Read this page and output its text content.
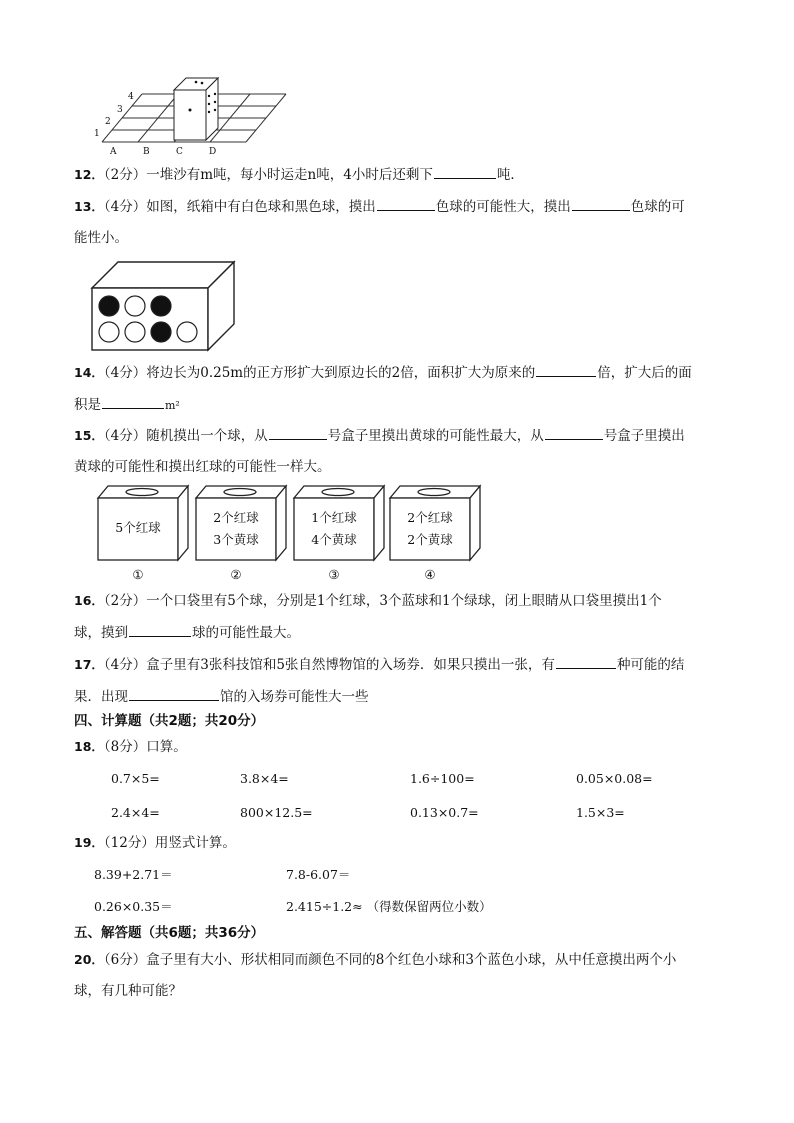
1
2
3
4
A	B	C	D
12．（2分）一堆沙有m吨，每小时运走n吨，4小时后还剩下	吨．
13．（4分）如图，纸箱中有白色球和黑色球，摸出	色球的可能性大，摸出	色球的可
能性小。
14．（4分）将边长为0.25m的正方形扩大到原边长的2倍，面积扩大为原来的	倍，扩大后的面
积是	m²
15．（4分）随机摸出一个球，从	号盒子里摸出黄球的可能性最大，从	号盒子里摸出
黄球的可能性和摸出红球的可能性一样大。
5个红球
2个红球
3个黄球
1个红球
4个黄球
2个红球
2个黄球
①	②	③	④
16．（2分）一个口袋里有5个球，分别是1个红球，3个蓝球和1个绿球，闭上眼睛从口袋里摸出1个
球，摸到	球的可能性最大。
17．（4分）盒子里有3张科技馆和5张自然博物馆的入场券．如果只摸出一张，有	种可能的结
果．出现	馆的入场券可能性大一些
四、计算题（共2题；共20分）
18．（8分）口算。
0.7×5=	3.8×4=	1.6÷100=	0.05×0.08=
2.4×4=	800×12.5=	0.13×0.7=	1.5×3=
19．（12分）用竖式计算。
8.39+2.71＝	7.8-6.07＝
0.26×0.35＝	2.415÷1.2≈ （得数保留两位小数）
五、解答题（共6题；共36分）
20．（6分）盒子里有大小、形状相同而颜色不同的8个红色小球和3个蓝色小球，从中任意摸出两个小
球，有几种可能？
